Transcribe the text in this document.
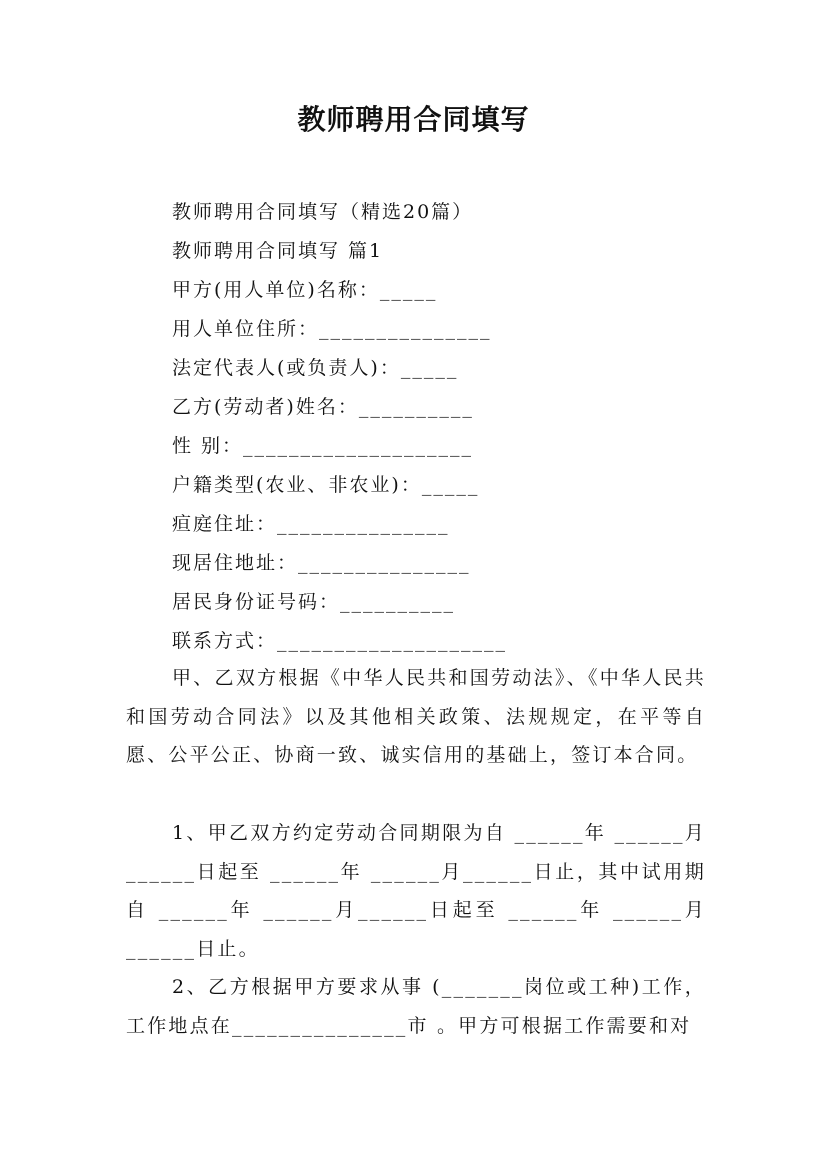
教师聘用合同填写
教师聘用合同填写（精选20篇）
教师聘用合同填写 篇1
甲方(用人单位)名称：_____
用人单位住所：_______________
法定代表人(或负责人)：_____
乙方(劳动者)姓名：__________
性 别：____________________
户籍类型(农业、非农业)：_____
疸庭住址：_______________
现居住地址：_______________
居民身份证号码：__________
联系方式：____________________

甲、乙双方根据《中华人民共和国劳动法》、《中华人民共和国劳动合同法》以及其他相关政策、法规规定，在平等自愿、公平公正、协商一致、诚实信用的基础上，签订本合同。

1、甲乙双方约定劳动合同期限为自 ______年 ______月______日起至 ______年 ______月______日止，其中试用期自 ______年 ______月______日起至 ______年 ______月______日止。

2、乙方根据甲方要求从事 (_______岗位或工种)工作，工作地点在_______________市 。甲方可根据工作需要和对
